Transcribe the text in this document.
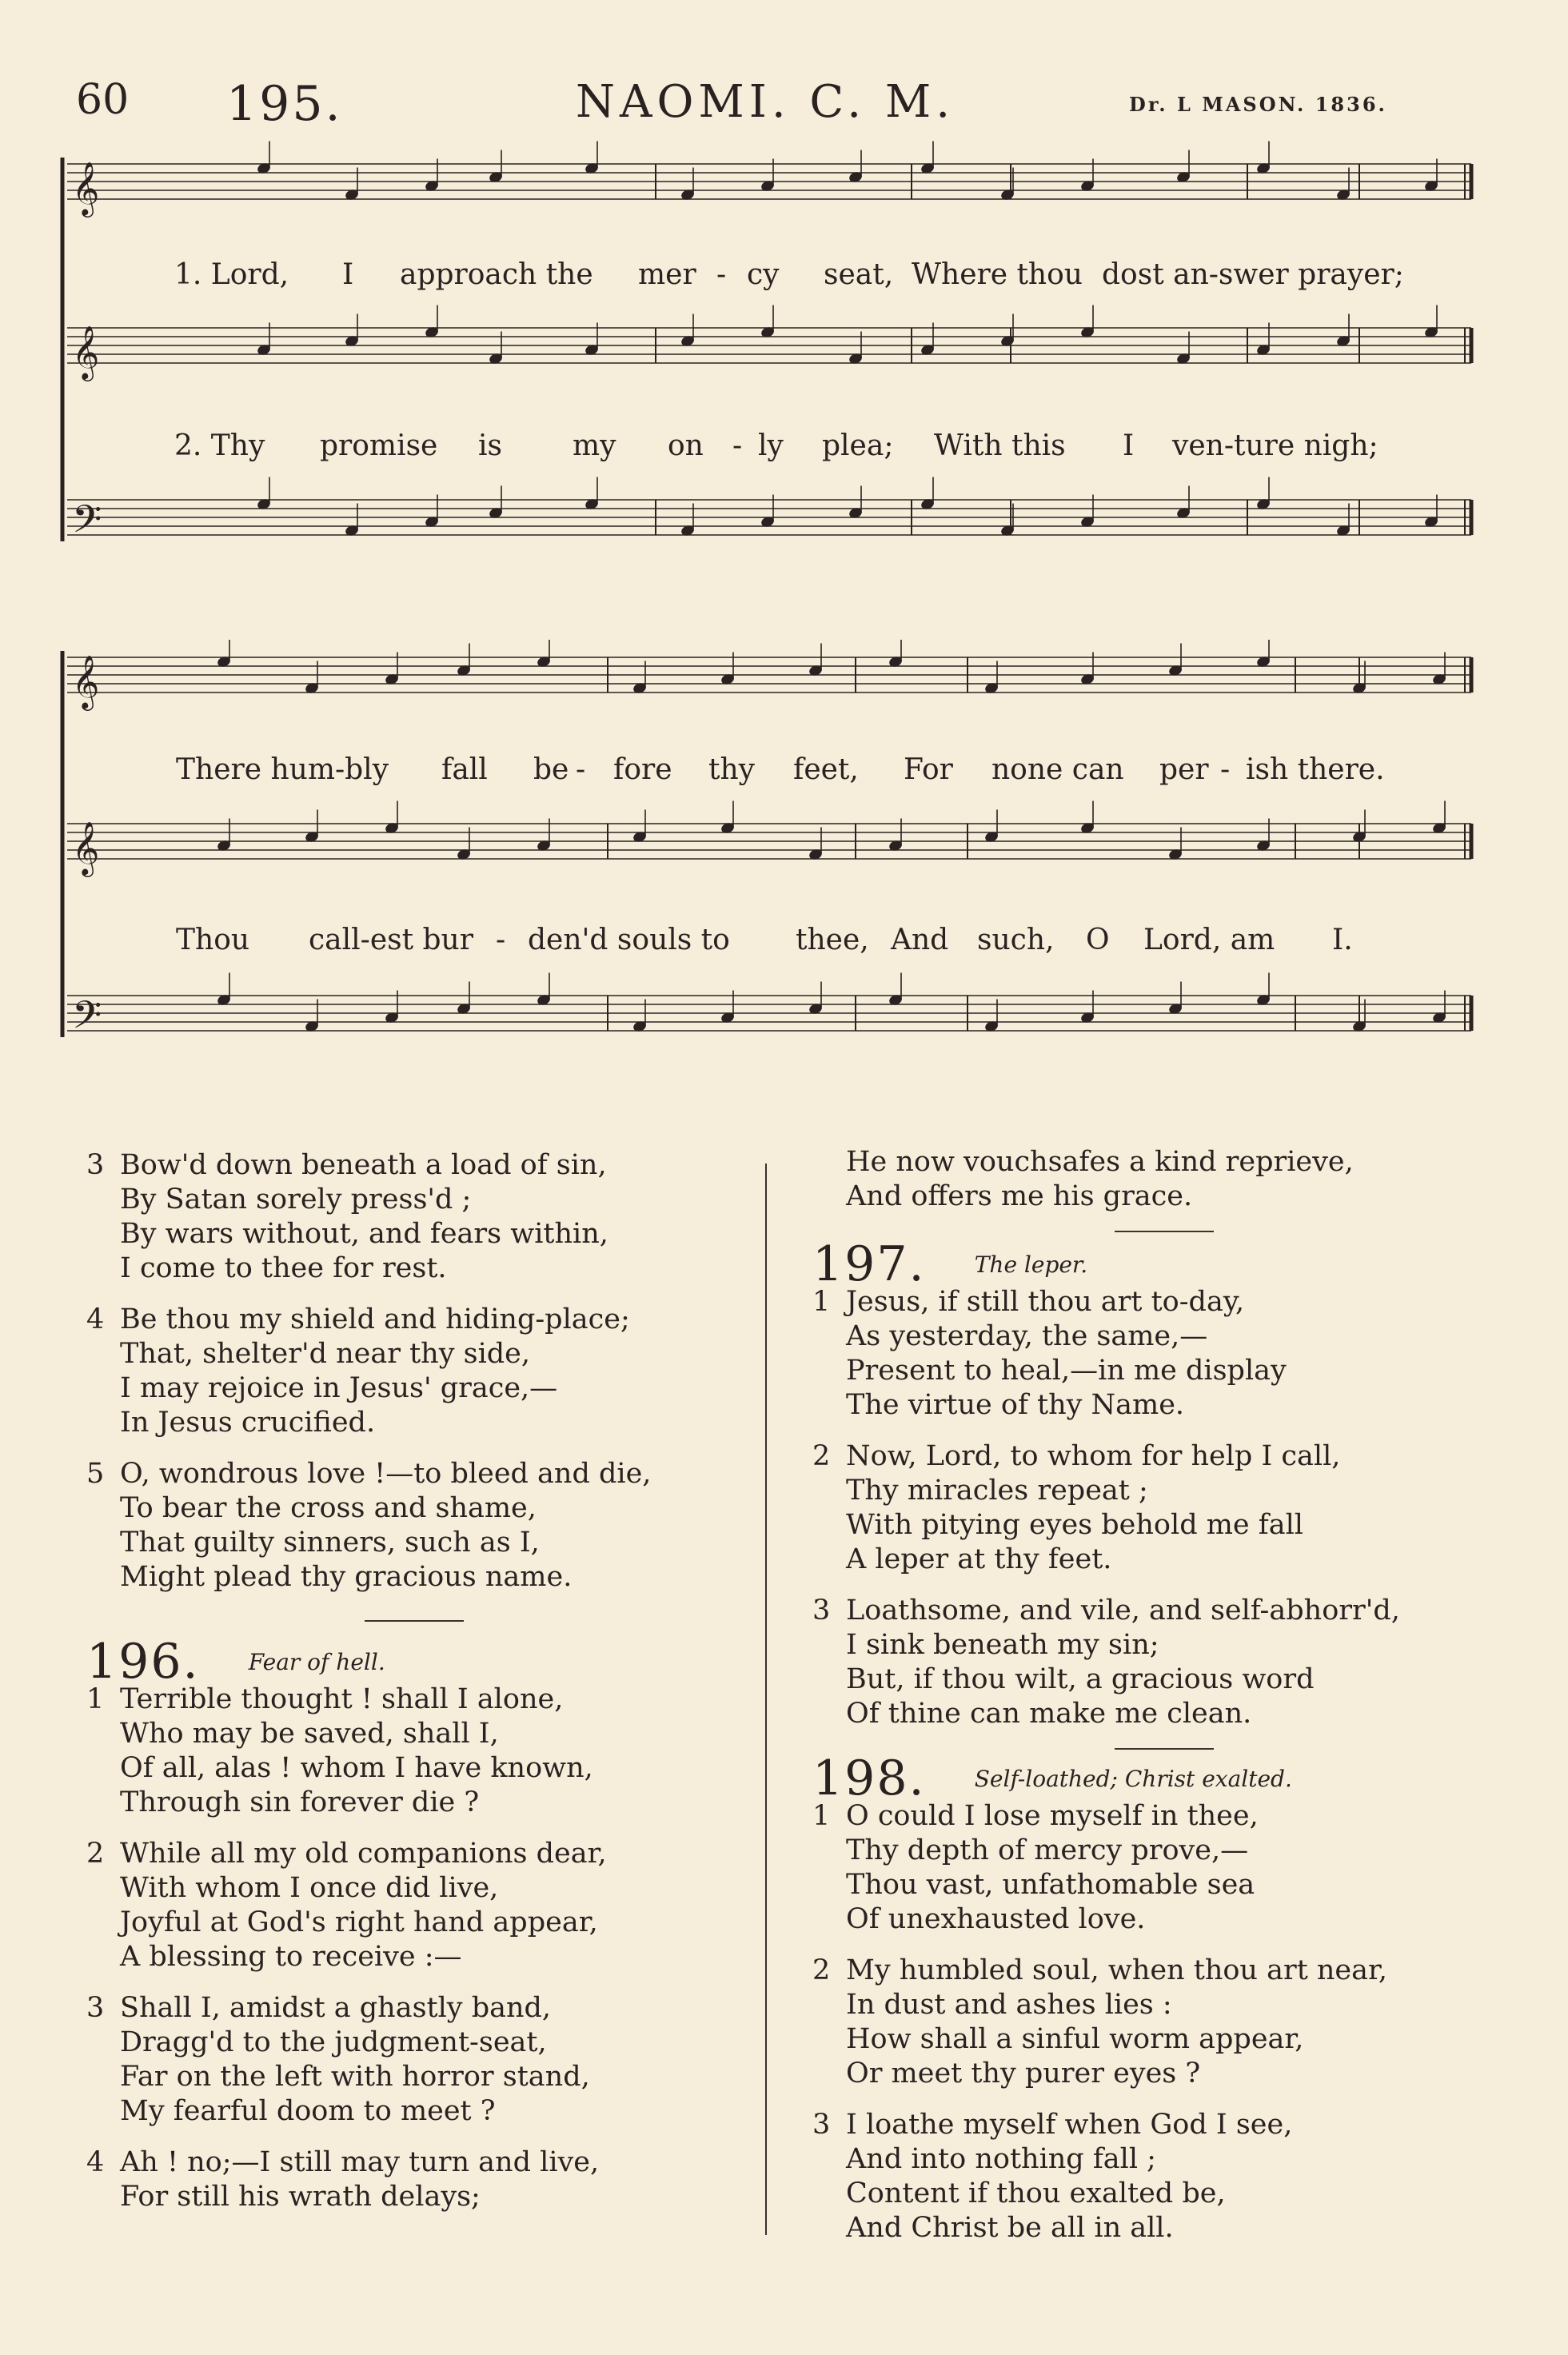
60 195.	NAOMI. C. M.	Dr. L MASON. 1836.
𝄞
𝄞
𝄢
1. Lord, I approach the mer - cy seat, Where thou dost an-swer prayer;
2. Thy promise is my on - ly plea; With this I ven-ture nigh;
𝄞
𝄞
𝄢
There hum-bly fall be - fore thy feet, For none can per - ish there.
Thou call-est bur - den'd souls to thee, And such, O Lord, am I.

3 Bow'd down beneath a load of sin,

By Satan sorely press'd ;

By wars without, and fears within,

I come to thee for rest.

4 Be thou my shield and hiding-place;

That, shelter'd near thy side,

I may rejoice in Jesus' grace,—

In Jesus crucified.

5 O, wondrous love !—to bleed and die,

To bear the cross and shame,

That guilty sinners, such as I,

Might plead thy gracious name.

196. Fear of hell.

1 Terrible thought ! shall I alone,

Who may be saved, shall I,

Of all, alas ! whom I have known,

Through sin forever die ?

2 While all my old companions dear,

With whom I once did live,

Joyful at God's right hand appear,

A blessing to receive :—

3 Shall I, amidst a ghastly band,

Dragg'd to the judgment-seat,

Far on the left with horror stand,

My fearful doom to meet ?

4 Ah ! no;—I still may turn and live,

For still his wrath delays;

He now vouchsafes a kind reprieve,

And offers me his grace.

197. The leper.

1 Jesus, if still thou art to-day,

As yesterday, the same,—

Present to heal,—in me display

The virtue of thy Name.

2 Now, Lord, to whom for help I call,

Thy miracles repeat ;

With pitying eyes behold me fall

A leper at thy feet.

3 Loathsome, and vile, and self-abhorr'd,

I sink beneath my sin;

But, if thou wilt, a gracious word

Of thine can make me clean.

198. Self-loathed; Christ exalted.

1 O could I lose myself in thee,

Thy depth of mercy prove,—

Thou vast, unfathomable sea

Of unexhausted love.

2 My humbled soul, when thou art near,

In dust and ashes lies :

How shall a sinful worm appear,

Or meet thy purer eyes ?

3 I loathe myself when God I see,

And into nothing fall ;

Content if thou exalted be,

And Christ be all in all.
